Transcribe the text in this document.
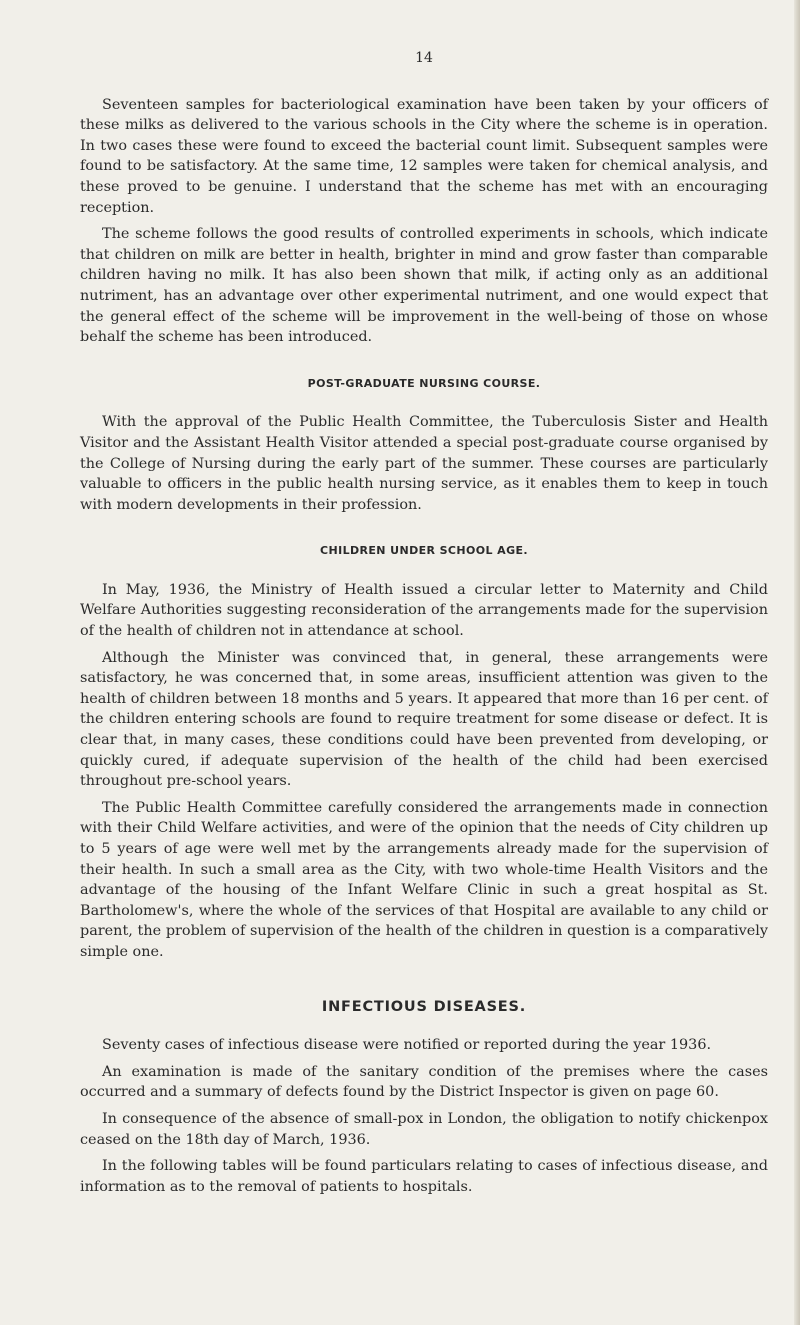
14

Seventeen samples for bacteriological examination have been taken by your officers of these milks as delivered to the various schools in the City where the scheme is in operation. In two cases these were found to exceed the bacterial count limit. Subsequent samples were found to be satisfactory. At the same time, 12 samples were taken for chemical analysis, and these proved to be genuine. I understand that the scheme has met with an encouraging reception.

The scheme follows the good results of controlled experiments in schools, which indicate that children on milk are better in health, brighter in mind and grow faster than comparable children having no milk. It has also been shown that milk, if acting only as an additional nutriment, has an advantage over other experimental nutriment, and one would expect that the general effect of the scheme will be improvement in the well-being of those on whose behalf the scheme has been introduced.

POST-GRADUATE NURSING COURSE.

With the approval of the Public Health Committee, the Tuberculosis Sister and Health Visitor and the Assistant Health Visitor attended a special post-graduate course organised by the College of Nursing during the early part of the summer. These courses are particularly valuable to officers in the public health nursing service, as it enables them to keep in touch with modern developments in their profession.

CHILDREN UNDER SCHOOL AGE.

In May, 1936, the Ministry of Health issued a circular letter to Maternity and Child Welfare Authorities suggesting reconsideration of the arrangements made for the supervision of the health of children not in attendance at school.

Although the Minister was convinced that, in general, these arrangements were satisfactory, he was concerned that, in some areas, insufficient attention was given to the health of children between 18 months and 5 years. It appeared that more than 16 per cent. of the children entering schools are found to require treatment for some disease or defect. It is clear that, in many cases, these conditions could have been prevented from developing, or quickly cured, if adequate supervision of the health of the child had been exercised throughout pre-school years.

The Public Health Committee carefully considered the arrangements made in connection with their Child Welfare activities, and were of the opinion that the needs of City children up to 5 years of age were well met by the arrangements already made for the supervision of their health. In such a small area as the City, with two whole-time Health Visitors and the advantage of the housing of the Infant Welfare Clinic in such a great hospital as St. Bartholomew's, where the whole of the services of that Hospital are available to any child or parent, the problem of supervision of the health of the children in question is a comparatively simple one.

INFECTIOUS DISEASES.

Seventy cases of infectious disease were notified or reported during the year 1936.

An examination is made of the sanitary condition of the premises where the cases occurred and a summary of defects found by the District Inspector is given on page 60.

In consequence of the absence of small-pox in London, the obligation to notify chickenpox ceased on the 18th day of March, 1936.

In the following tables will be found particulars relating to cases of infectious disease, and information as to the removal of patients to hospitals.
